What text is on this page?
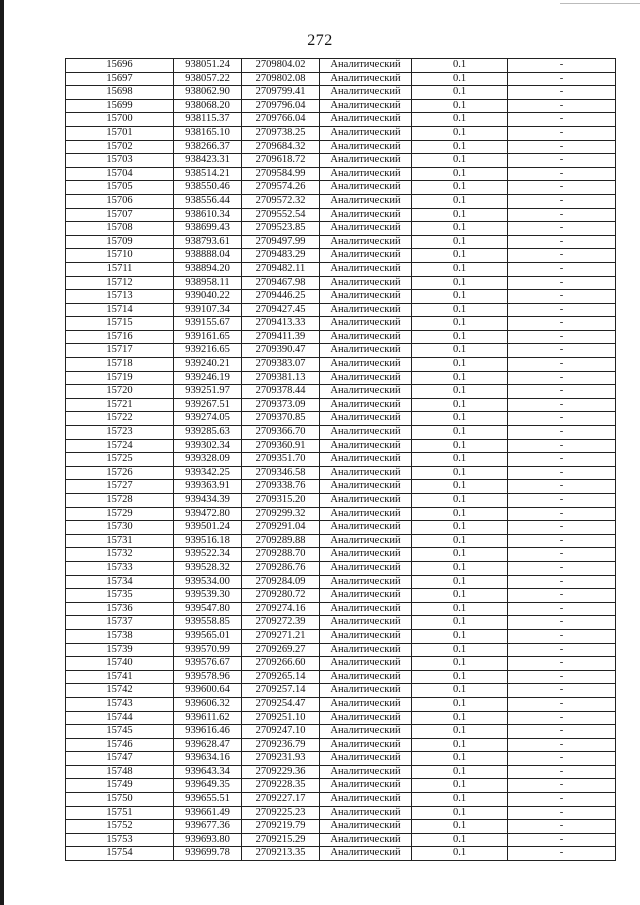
272
15696	938051.24	2709804.02	Аналитический	0.1	-
15697	938057.22	2709802.08	Аналитический	0.1	-
15698	938062.90	2709799.41	Аналитический	0.1	-
15699	938068.20	2709796.04	Аналитический	0.1	-
15700	938115.37	2709766.04	Аналитический	0.1	-
15701	938165.10	2709738.25	Аналитический	0.1	-
15702	938266.37	2709684.32	Аналитический	0.1	-
15703	938423.31	2709618.72	Аналитический	0.1	-
15704	938514.21	2709584.99	Аналитический	0.1	-
15705	938550.46	2709574.26	Аналитический	0.1	-
15706	938556.44	2709572.32	Аналитический	0.1	-
15707	938610.34	2709552.54	Аналитический	0.1	-
15708	938699.43	2709523.85	Аналитический	0.1	-
15709	938793.61	2709497.99	Аналитический	0.1	-
15710	938888.04	2709483.29	Аналитический	0.1	-
15711	938894.20	2709482.11	Аналитический	0.1	-
15712	938958.11	2709467.98	Аналитический	0.1	-
15713	939040.22	2709446.25	Аналитический	0.1	-
15714	939107.34	2709427.45	Аналитический	0.1	-
15715	939155.67	2709413.33	Аналитический	0.1	-
15716	939161.65	2709411.39	Аналитический	0.1	-
15717	939216.65	2709390.47	Аналитический	0.1	-
15718	939240.21	2709383.07	Аналитический	0.1	-
15719	939246.19	2709381.13	Аналитический	0.1	-
15720	939251.97	2709378.44	Аналитический	0.1	-
15721	939267.51	2709373.09	Аналитический	0.1	-
15722	939274.05	2709370.85	Аналитический	0.1	-
15723	939285.63	2709366.70	Аналитический	0.1	-
15724	939302.34	2709360.91	Аналитический	0.1	-
15725	939328.09	2709351.70	Аналитический	0.1	-
15726	939342.25	2709346.58	Аналитический	0.1	-
15727	939363.91	2709338.76	Аналитический	0.1	-
15728	939434.39	2709315.20	Аналитический	0.1	-
15729	939472.80	2709299.32	Аналитический	0.1	-
15730	939501.24	2709291.04	Аналитический	0.1	-
15731	939516.18	2709289.88	Аналитический	0.1	-
15732	939522.34	2709288.70	Аналитический	0.1	-
15733	939528.32	2709286.76	Аналитический	0.1	-
15734	939534.00	2709284.09	Аналитический	0.1	-
15735	939539.30	2709280.72	Аналитический	0.1	-
15736	939547.80	2709274.16	Аналитический	0.1	-
15737	939558.85	2709272.39	Аналитический	0.1	-
15738	939565.01	2709271.21	Аналитический	0.1	-
15739	939570.99	2709269.27	Аналитический	0.1	-
15740	939576.67	2709266.60	Аналитический	0.1	-
15741	939578.96	2709265.14	Аналитический	0.1	-
15742	939600.64	2709257.14	Аналитический	0.1	-
15743	939606.32	2709254.47	Аналитический	0.1	-
15744	939611.62	2709251.10	Аналитический	0.1	-
15745	939616.46	2709247.10	Аналитический	0.1	-
15746	939628.47	2709236.79	Аналитический	0.1	-
15747	939634.16	2709231.93	Аналитический	0.1	-
15748	939643.34	2709229.36	Аналитический	0.1	-
15749	939649.35	2709228.35	Аналитический	0.1	-
15750	939655.51	2709227.17	Аналитический	0.1	-
15751	939661.49	2709225.23	Аналитический	0.1	-
15752	939677.36	2709219.79	Аналитический	0.1	-
15753	939693.80	2709215.29	Аналитический	0.1	-
15754	939699.78	2709213.35	Аналитический	0.1	-
